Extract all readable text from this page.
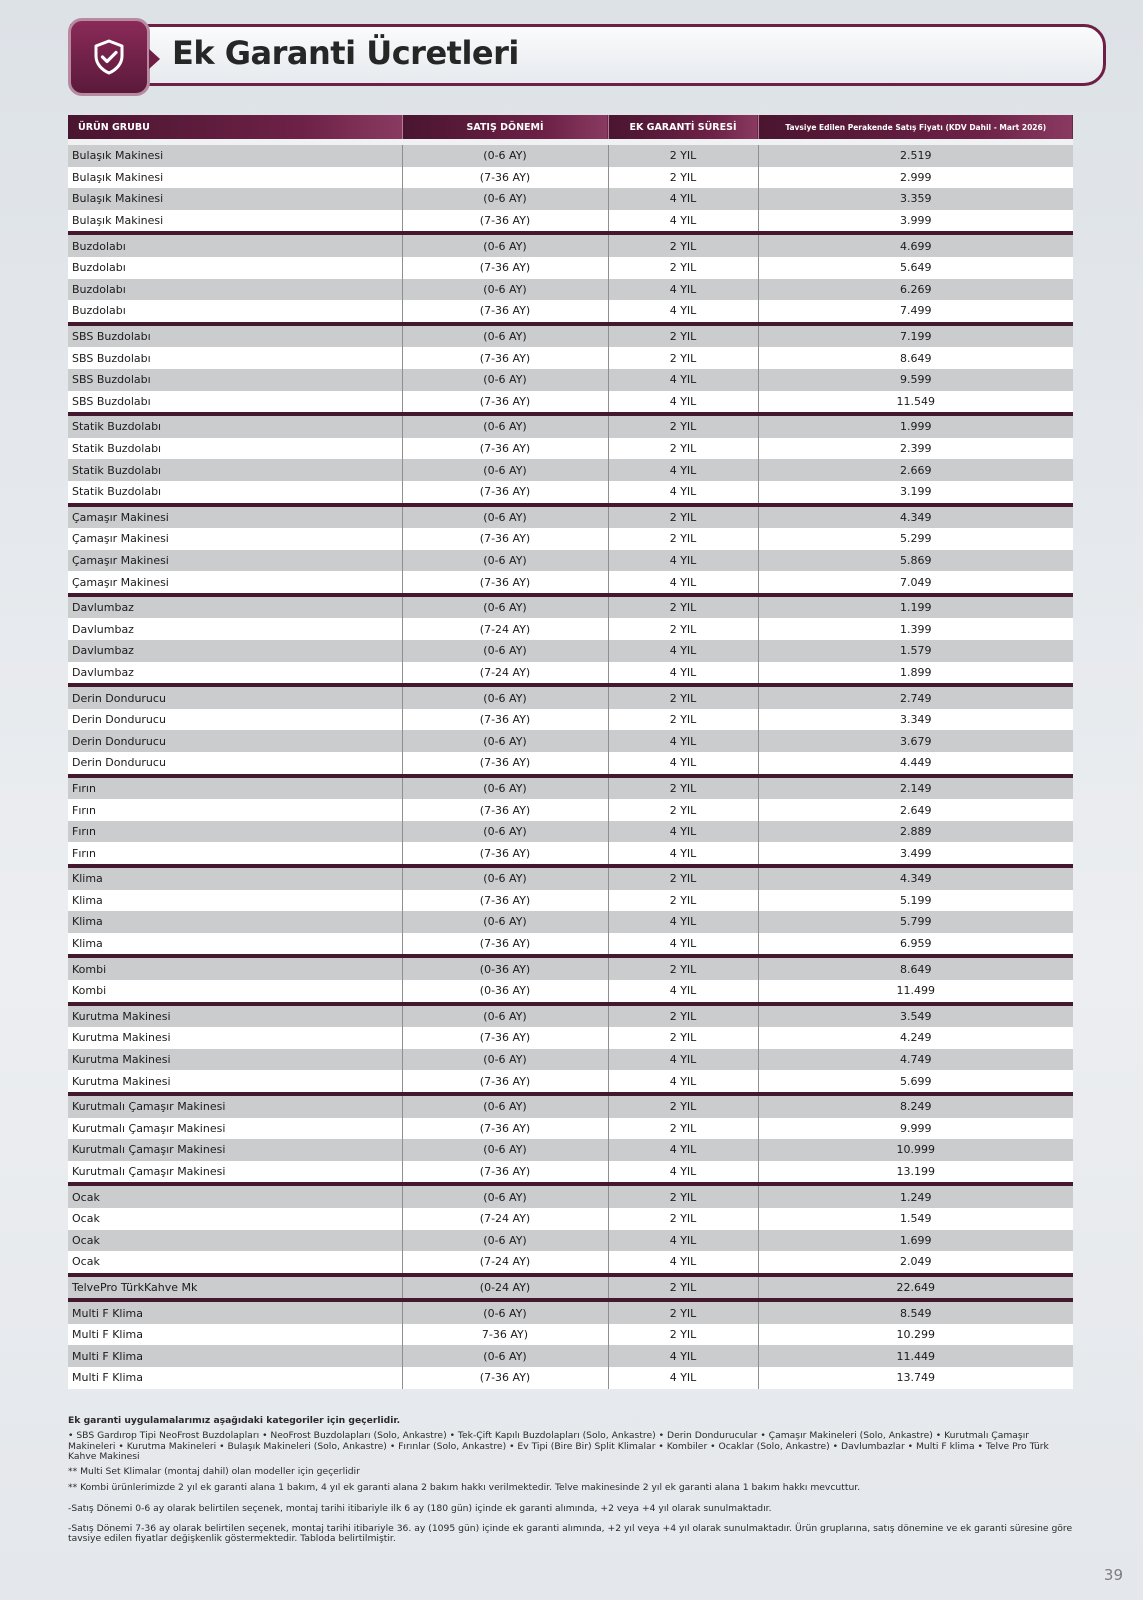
Ek Garanti Ücretleri
ÜRÜN GRUBU	SATIŞ DÖNEMİ	EK GARANTİ SÜRESİ	Tavsiye Edilen Perakende Satış Fiyatı (KDV Dahil - Mart 2026)
Bulaşık Makinesi	(0-6 AY)	2 YIL	2.519
Bulaşık Makinesi	(7-36 AY)	2 YIL	2.999
Bulaşık Makinesi	(0-6 AY)	4 YIL	3.359
Bulaşık Makinesi	(7-36 AY)	4 YIL	3.999
Buzdolabı	(0-6 AY)	2 YIL	4.699
Buzdolabı	(7-36 AY)	2 YIL	5.649
Buzdolabı	(0-6 AY)	4 YIL	6.269
Buzdolabı	(7-36 AY)	4 YIL	7.499
SBS Buzdolabı	(0-6 AY)	2 YIL	7.199
SBS Buzdolabı	(7-36 AY)	2 YIL	8.649
SBS Buzdolabı	(0-6 AY)	4 YIL	9.599
SBS Buzdolabı	(7-36 AY)	4 YIL	11.549
Statik Buzdolabı	(0-6 AY)	2 YIL	1.999
Statik Buzdolabı	(7-36 AY)	2 YIL	2.399
Statik Buzdolabı	(0-6 AY)	4 YIL	2.669
Statik Buzdolabı	(7-36 AY)	4 YIL	3.199
Çamaşır Makinesi	(0-6 AY)	2 YIL	4.349
Çamaşır Makinesi	(7-36 AY)	2 YIL	5.299
Çamaşır Makinesi	(0-6 AY)	4 YIL	5.869
Çamaşır Makinesi	(7-36 AY)	4 YIL	7.049
Davlumbaz	(0-6 AY)	2 YIL	1.199
Davlumbaz	(7-24 AY)	2 YIL	1.399
Davlumbaz	(0-6 AY)	4 YIL	1.579
Davlumbaz	(7-24 AY)	4 YIL	1.899
Derin Dondurucu	(0-6 AY)	2 YIL	2.749
Derin Dondurucu	(7-36 AY)	2 YIL	3.349
Derin Dondurucu	(0-6 AY)	4 YIL	3.679
Derin Dondurucu	(7-36 AY)	4 YIL	4.449
Fırın	(0-6 AY)	2 YIL	2.149
Fırın	(7-36 AY)	2 YIL	2.649
Fırın	(0-6 AY)	4 YIL	2.889
Fırın	(7-36 AY)	4 YIL	3.499
Klima	(0-6 AY)	2 YIL	4.349
Klima	(7-36 AY)	2 YIL	5.199
Klima	(0-6 AY)	4 YIL	5.799
Klima	(7-36 AY)	4 YIL	6.959
Kombi	(0-36 AY)	2 YIL	8.649
Kombi	(0-36 AY)	4 YIL	11.499
Kurutma Makinesi	(0-6 AY)	2 YIL	3.549
Kurutma Makinesi	(7-36 AY)	2 YIL	4.249
Kurutma Makinesi	(0-6 AY)	4 YIL	4.749
Kurutma Makinesi	(7-36 AY)	4 YIL	5.699
Kurutmalı Çamaşır Makinesi	(0-6 AY)	2 YIL	8.249
Kurutmalı Çamaşır Makinesi	(7-36 AY)	2 YIL	9.999
Kurutmalı Çamaşır Makinesi	(0-6 AY)	4 YIL	10.999
Kurutmalı Çamaşır Makinesi	(7-36 AY)	4 YIL	13.199
Ocak	(0-6 AY)	2 YIL	1.249
Ocak	(7-24 AY)	2 YIL	1.549
Ocak	(0-6 AY)	4 YIL	1.699
Ocak	(7-24 AY)	4 YIL	2.049
TelvePro TürkKahve Mk	(0-24 AY)	2 YIL	22.649
Multi F Klima	(0-6 AY)	2 YIL	8.549
Multi F Klima	7-36 AY)	2 YIL	10.299
Multi F Klima	(0-6 AY)	4 YIL	11.449
Multi F Klima	(7-36 AY)	4 YIL	13.749

Ek garanti uygulamalarımız aşağıdaki kategoriler için geçerlidir.

• SBS Gardırop Tipi NeoFrost Buzdolapları • NeoFrost Buzdolapları (Solo, Ankastre) • Tek-Çift Kapılı Buzdolapları (Solo, Ankastre) • Derin Dondurucular • Çamaşır Makineleri (Solo, Ankastre) • Kurutmalı Çamaşır Makineleri • Kurutma Makineleri • Bulaşık Makineleri (Solo, Ankastre) • Fırınlar (Solo, Ankastre) • Ev Tipi (Bire Bir) Split Klimalar • Kombiler • Ocaklar (Solo, Ankastre) • Davlumbazlar • Multi F klima • Telve Pro Türk Kahve Makinesi

** Multi Set Klimalar (montaj dahil) olan modeller için geçerlidir

** Kombi ürünlerimizde 2 yıl ek garanti alana 1 bakım, 4 yıl ek garanti alana 2 bakım hakkı verilmektedir. Telve makinesinde 2 yıl ek garanti alana 1 bakım hakkı mevcuttur.

-Satış Dönemi 0-6 ay olarak belirtilen seçenek, montaj tarihi itibariyle ilk 6 ay (180 gün) içinde ek garanti alımında, +2 veya +4 yıl olarak sunulmaktadır.

-Satış Dönemi 7-36 ay olarak belirtilen seçenek, montaj tarihi itibariyle 36. ay (1095 gün) içinde ek garanti alımında, +2 yıl veya +4 yıl olarak sunulmaktadır. Ürün gruplarına, satış dönemine ve ek garanti süresine göre tavsiye edilen fiyatlar değişkenlik göstermektedir. Tabloda belirtilmiştir.

39
